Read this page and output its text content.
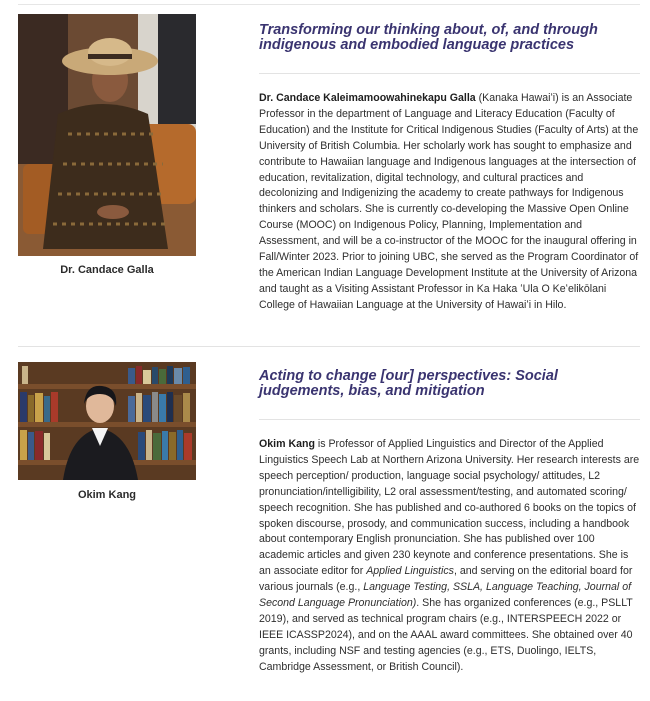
Dr. Candace Galla
Transforming our thinking about, of, and through indigenous and embodied language practices

Dr. Candace Kaleimamoowahinekapu Galla (Kanaka Hawaiʻi) is an Associate Professor in the department of Language and Literacy Education (Faculty of Education) and the Institute for Critical Indigenous Studies (Faculty of Arts) at the University of British Columbia. Her scholarly work has sought to emphasize and contribute to Hawaiian language and Indigenous languages at the intersection of education, revitalization, digital technology, and cultural practices and decolonizing and Indigenizing the academy to create pathways for Indigenous thinkers and scholars. She is currently co-developing the Massive Open Online Course (MOOC) on Indigenous Policy, Planning, Implementation and Assessment, and will be a co-instructor of the MOOC for the inaugural offering in Fall/Winter 2023. Prior to joining UBC, she served as the Program Coordinator of the American Indian Language Development Institute at the University of Arizona and taught as a Visiting Assistant Professor in Ka Haka ʻUla O Keʻelikōlani College of Hawaiian Language at the University of Hawaiʻi in Hilo.

Okim Kang
Acting to change [our] perspectives: Social judgements, bias, and mitigation

Okim Kang is Professor of Applied Linguistics and Director of the Applied Linguistics Speech Lab at Northern Arizona University. Her research interests are speech perception/ production, language social psychology/ attitudes, L2 pronunciation/intelligibility, L2 oral assessment/testing, and automated scoring/ speech recognition. She has published and co-authored 6 books on the topics of spoken discourse, prosody, and communication success, including a handbook about contemporary English pronunciation. She has published over 100 academic articles and given 230 keynote and conference presentations. She is an associate editor for Applied Linguistics, and serving on the editorial board for various journals (e.g., Language Testing, SSLA, Language Teaching, Journal of Second Language Pronunciation). She has organized conferences (e.g., PSLLT 2019), and served as technical program chairs (e.g., INTERSPEECH 2022 or IEEE ICASSP2024), and on the AAAL award committees. She obtained over 40 grants, including NSF and testing agencies (e.g., ETS, Duolingo, IELTS, Cambridge Assessment, or British Council).
